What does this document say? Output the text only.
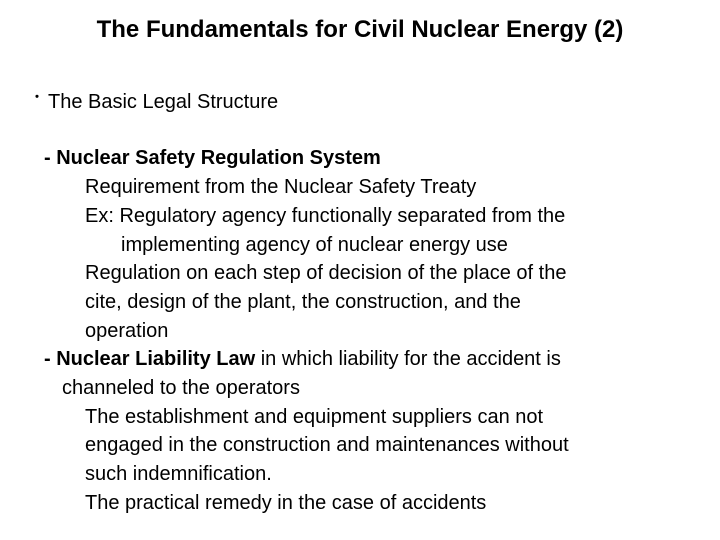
The Fundamentals for Civil Nuclear Energy (2)
・ The Basic Legal Structure
- Nuclear Safety Regulation System
Requirement from the Nuclear Safety Treaty
Ex: Regulatory agency functionally separated from the
implementing agency of nuclear energy use
Regulation on each step of decision of the place of the
cite, design of the plant, the construction, and the
operation
- Nuclear Liability Law in which liability for the accident is
channeled to the operators
The establishment and equipment suppliers can not
engaged in the construction and maintenances without
such indemnification.
The practical remedy in the case of accidents
